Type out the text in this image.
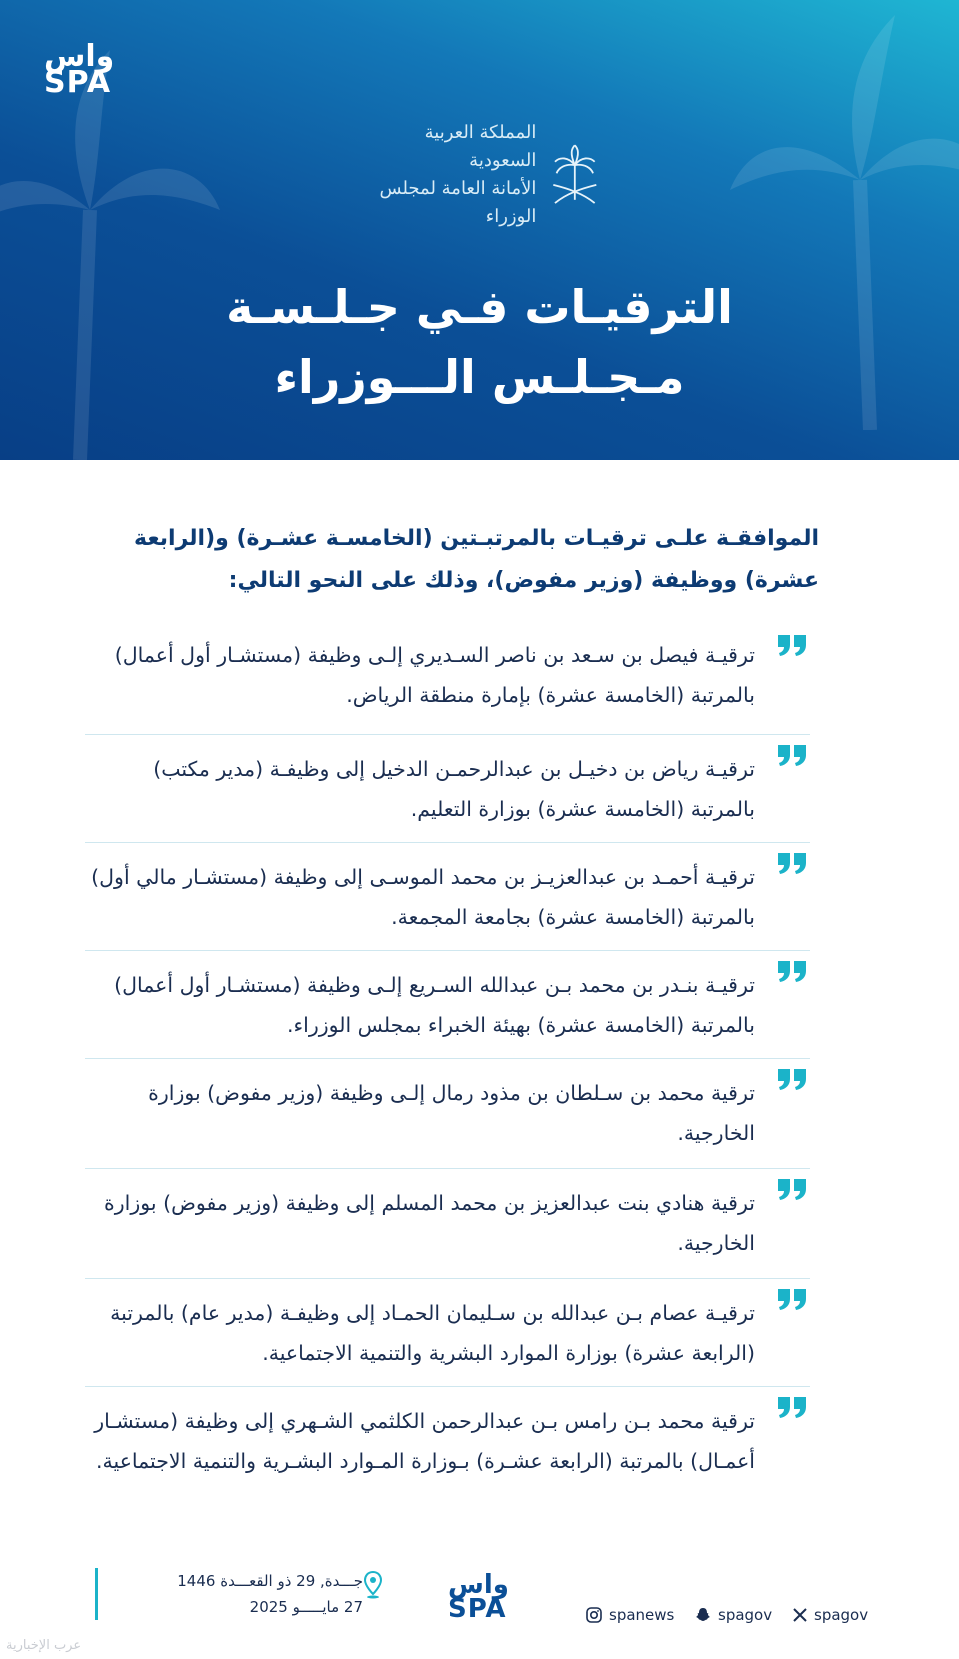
واس
SPA
المملكة العربية السعودية
الأمانة العامة لمجلس الوزراء
الترقيـات فـي جـلـسـة
مـجـلـس الـــوزراء

الموافقـة علـى ترقيـات بالمرتبـتين (الخامسـة عشـرة) و(الرابعة عشرة) ووظيفة (وزير مفوض)، وذلك على النحو التالي:

ترقيـة فيصل بن سـعد بن ناصر السـديري إلـى وظيفة (مستشـار أول أعمال) بالمرتبة (الخامسة عشرة) بإمارة منطقة الرياض.
ترقيـة رياض بن دخيـل بن عبدالرحمـن الدخيل إلى وظيفـة (مدير مكتب) بالمرتبة (الخامسة عشرة) بوزارة التعليم.
ترقيـة أحمـد بن عبدالعزيـز بن محمد الموسـى إلى وظيفة (مستشـار مالي أول) بالمرتبة (الخامسة عشرة) بجامعة المجمعة.
ترقيـة بنـدر بن محمد بـن عبدالله السـريع إلـى وظيفة (مستشـار أول أعمال) بالمرتبة (الخامسة عشرة) بهيئة الخبراء بمجلس الوزراء.
ترقية محمد بن سـلطان بن مذود رمال إلـى وظيفة (وزير مفوض) بوزارة الخارجية.
ترقية هنادي بنت عبدالعزيز بن محمد المسلم إلى وظيفة (وزير مفوض) بوزارة الخارجية.
ترقيـة عصام بـن عبدالله بن سـليمان الحمـاد إلى وظيفـة (مدير عام) بالمرتبة (الرابعة عشرة) بوزارة الموارد البشرية والتنمية الاجتماعية.
ترقية محمد بـن رامس بـن عبدالرحمن الكلثمي الشـهري إلى وظيفة (مستشـار أعمـال) بالمرتبة (الرابعة عشـرة) بـوزارة المـوارد البشـرية والتنمية الاجتماعية.
جـــدة, 29 ذو القعـــدة 1446
27 مايـــــو 2025
واس
SPA	spanews	spagov	spagov
عرب الإخبارية
